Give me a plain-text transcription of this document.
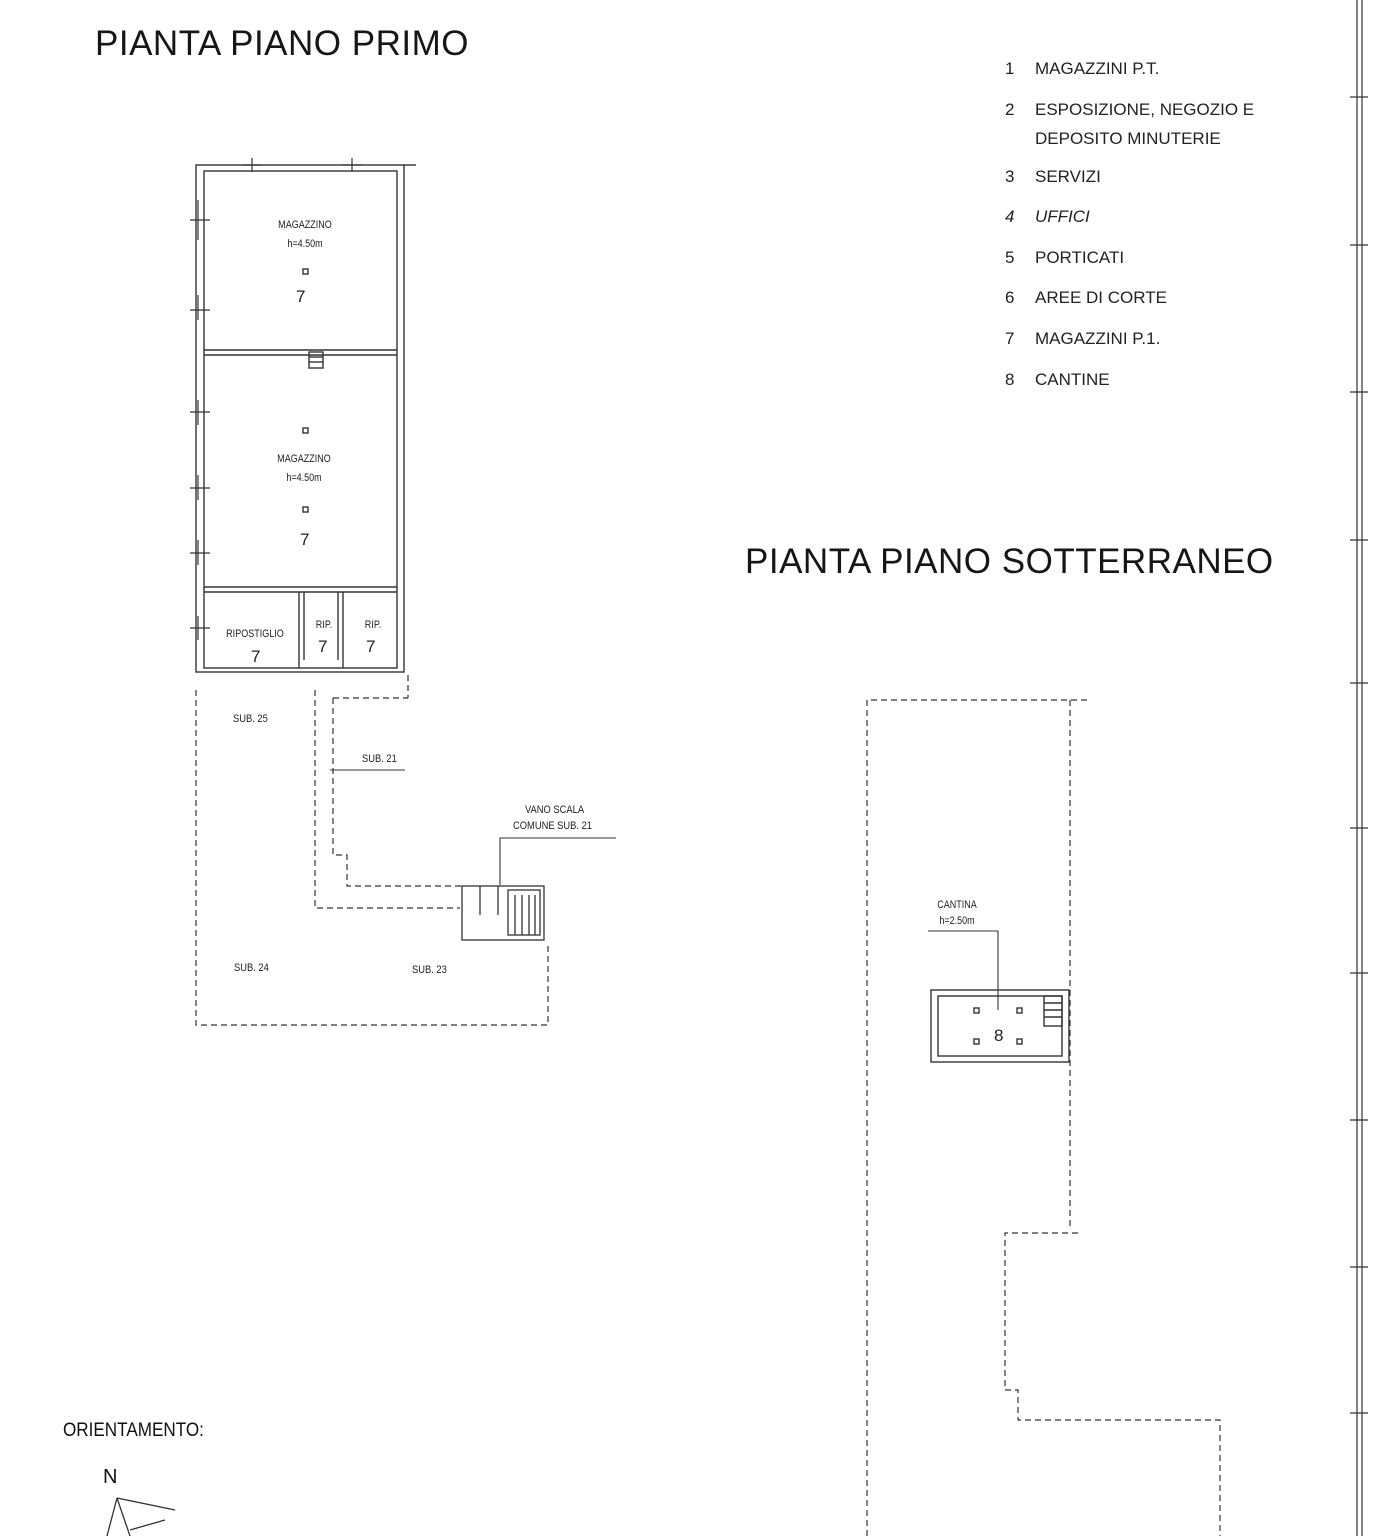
PIANTA PIANO PRIMO
PIANTA PIANO SOTTERRANEO
ORIENTAMENTO:
N
1 MAGAZZINI P.T.
2 ESPOSIZIONE, NEGOZIO E
DEPOSITO MINUTERIE
3 SERVIZI
4 UFFICI
5 PORTICATI
6 AREE DI CORTE
7 MAGAZZINI P.1.
8 CANTINE
MAGAZZINO
h=4.50m
7
MAGAZZINO
h=4.50m
7
RIPOSTIGLIO
7
RIP.
7
RIP.
7
SUB. 25
SUB. 21
VANO SCALA
COMUNE SUB. 21
SUB. 24	SUB. 23
CANTINA
h=2.50m
8
